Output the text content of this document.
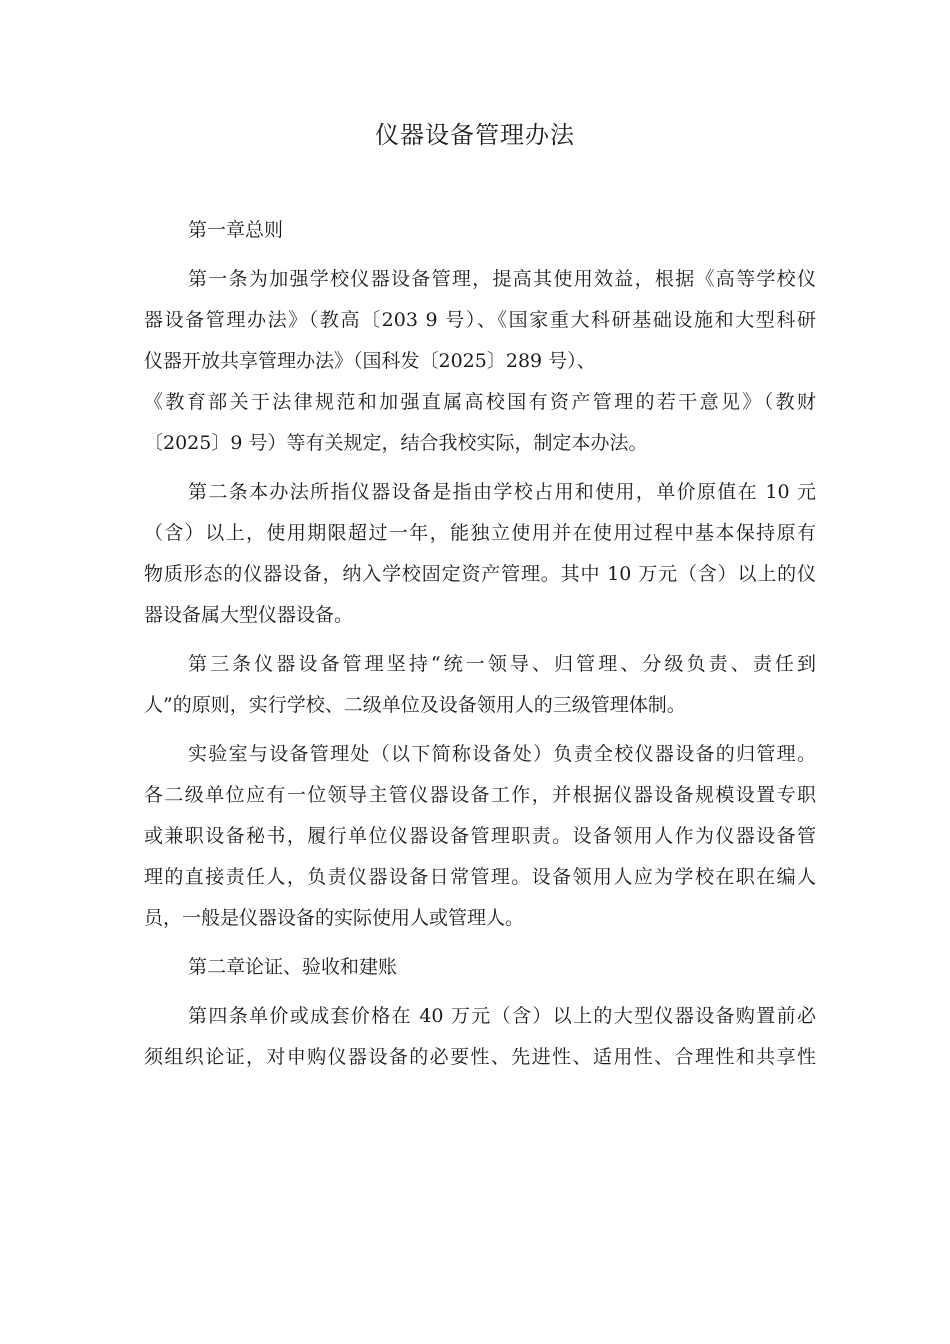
仪器设备管理办法
第一章总则
第一条为加强学校仪器设备管理，提高其使用效益，根据《高等学校仪
器设备管理办法》（教高〔203 9 号）、《国家重大科研基础设施和大型科研
仪器开放共享管理办法》（国科发〔2025〕289 号）、
《教育部关于法律规范和加强直属高校国有资产管理的若干意见》（教财
〔2025〕9 号）等有关规定，结合我校实际，制定本办法。
第二条本办法所指仪器设备是指由学校占用和使用，单价原值在 10 元
（含）以上，使用期限超过一年，能独立使用并在使用过程中基本保持原有
物质形态的仪器设备，纳入学校固定资产管理。其中 10 万元（含）以上的仪
器设备属大型仪器设备。
第三条仪器设备管理坚持“统一领导、归管理、分级负责、责任到
人”的原则，实行学校、二级单位及设备领用人的三级管理体制。
实验室与设备管理处（以下简称设备处）负责全校仪器设备的归管理。
各二级单位应有一位领导主管仪器设备工作，并根据仪器设备规模设置专职
或兼职设备秘书，履行单位仪器设备管理职责。设备领用人作为仪器设备管
理的直接责任人，负责仪器设备日常管理。设备领用人应为学校在职在编人
员，一般是仪器设备的实际使用人或管理人。
第二章论证、验收和建账
第四条单价或成套价格在 40 万元（含）以上的大型仪器设备购置前必
须组织论证，对申购仪器设备的必要性、先进性、适用性、合理性和共享性
